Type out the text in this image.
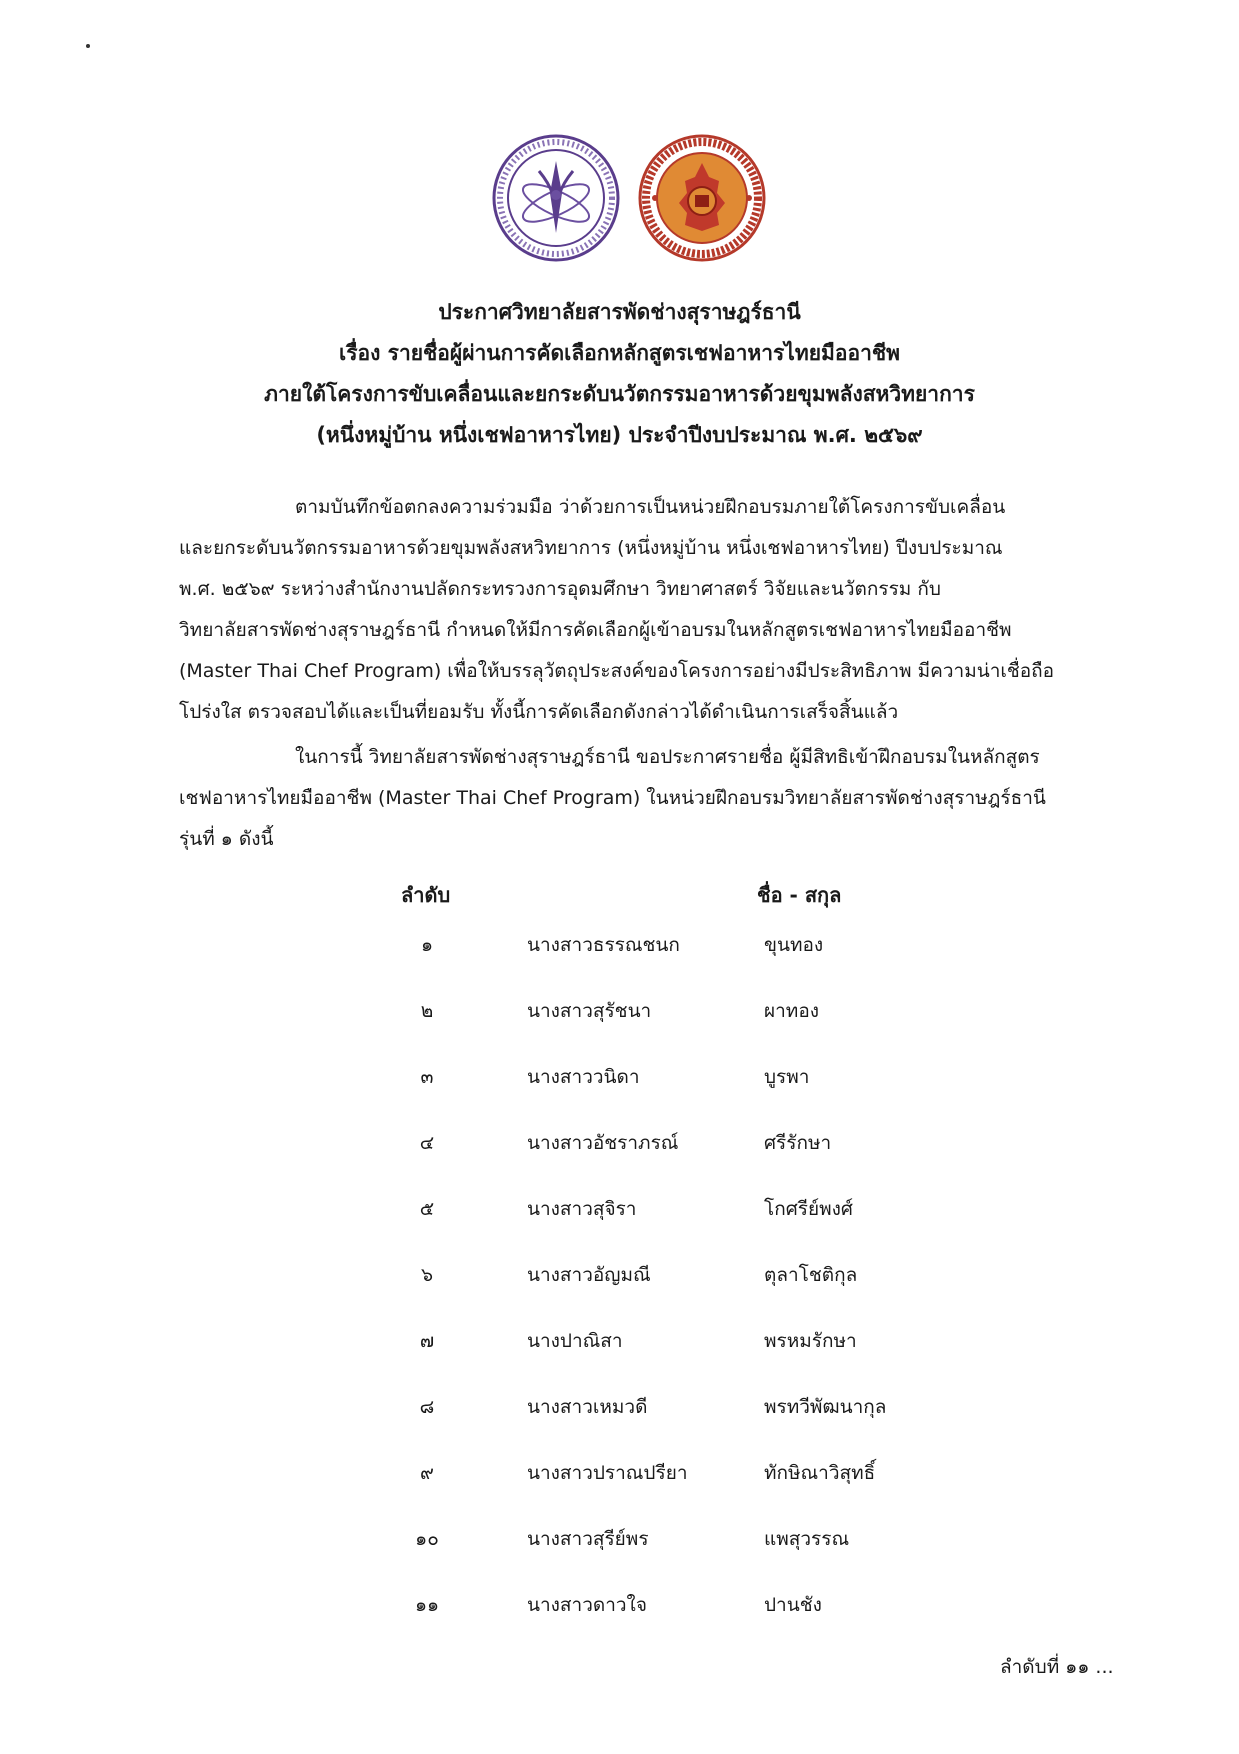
ประกาศวิทยาลัยสารพัดช่างสุราษฎร์ธานี
เรื่อง รายชื่อผู้ผ่านการคัดเลือกหลักสูตรเชฟอาหารไทยมืออาชีพ
ภายใต้โครงการขับเคลื่อนและยกระดับนวัตกรรมอาหารด้วยขุมพลังสหวิทยาการ
(หนึ่งหมู่บ้าน หนึ่งเชฟอาหารไทย) ประจำปีงบประมาณ พ.ศ. ๒๕๖๙
ตามบันทึกข้อตกลงความร่วมมือ ว่าด้วยการเป็นหน่วยฝึกอบรมภายใต้โครงการขับเคลื่อน
และยกระดับนวัตกรรมอาหารด้วยขุมพลังสหวิทยาการ (หนึ่งหมู่บ้าน หนึ่งเชฟอาหารไทย) ปีงบประมาณ
พ.ศ. ๒๕๖๙ ระหว่างสำนักงานปลัดกระทรวงการอุดมศึกษา วิทยาศาสตร์ วิจัยและนวัตกรรม กับ
วิทยาลัยสารพัดช่างสุราษฎร์ธานี กำหนดให้มีการคัดเลือกผู้เข้าอบรมในหลักสูตรเชฟอาหารไทยมืออาชีพ
(Master Thai Chef Program) เพื่อให้บรรลุวัตถุประสงค์ของโครงการอย่างมีประสิทธิภาพ มีความน่าเชื่อถือ
โปร่งใส ตรวจสอบได้และเป็นที่ยอมรับ ทั้งนี้การคัดเลือกดังกล่าวได้ดำเนินการเสร็จสิ้นแล้ว
ในการนี้ วิทยาลัยสารพัดช่างสุราษฎร์ธานี ขอประกาศรายชื่อ ผู้มีสิทธิเข้าฝึกอบรมในหลักสูตร
เชฟอาหารไทยมืออาชีพ (Master Thai Chef Program) ในหน่วยฝึกอบรมวิทยาลัยสารพัดช่างสุราษฎร์ธานี
รุ่นที่ ๑ ดังนี้
ลำดับ	ชื่อ - สกุล
๑	นางสาวธรรณชนก	ขุนทอง
๒	นางสาวสุรัชนา	ผาทอง
๓	นางสาววนิดา	บูรพา
๔	นางสาวอัชราภรณ์	ศรีรักษา
๕	นางสาวสุจิรา	โกศรีย์พงศ์
๖	นางสาวอัญมณี	ตุลาโชติกุล
๗	นางปาณิสา	พรหมรักษา
๘	นางสาวเหมวดี	พรทวีพัฒนากุล
๙	นางสาวปราณปรียา	ทักษิณาวิสุทธิ์
๑๐	นางสาวสุรีย์พร	แพสุวรรณ
๑๑	นางสาวดาวใจ	ปานชัง
ลำดับที่ ๑๑ ...
